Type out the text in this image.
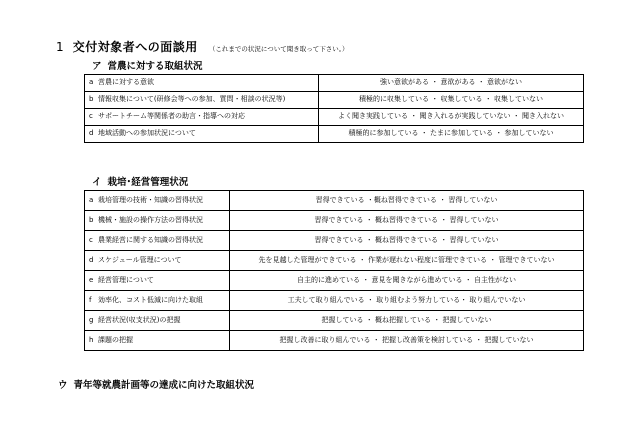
1 交付対象者への面談用 （これまでの状況について聞き取って下さい。）
ア 営農に対する取組状況
a 営農に対する意欲	強い意欲がある ・ 意欲がある ・ 意欲がない
b 情報収集について(研修会等への参加、質問・相談の状況等)	積極的に収集している ・ 収集している ・ 収集していない
c サポートチーム等関係者の助言・指導への対応	よく聞き実践している ・ 聞き入れるが実践していない ・ 聞き入れない
d 地域活動への参加状況について	積極的に参加している ・ たまに参加している ・ 参加していない
イ 栽培･経営管理状況
a 栽培管理の技術・知識の習得状況	習得できている ・概ね習得できている ・ 習得していない
b 機械・施設の操作方法の習得状況	習得できている ・ 概ね習得できている ・ 習得していない
c 農業経営に関する知識の習得状況	習得できている ・ 概ね習得できている ・ 習得していない
d スケジュール管理について	先を見越した管理ができている ・ 作業が遅れない程度に管理できている ・ 管理できていない
e 経営管理について	自主的に進めている ・ 意見を聞きながら進めている ・ 自主性がない
f 効率化、コスト低減に向けた取組	工夫して取り組んでいる ・ 取り組むよう努力している・ 取り組んでいない
g 経営状況(収支状況)の把握	把握している ・ 概ね把握している ・ 把握していない
h 課題の把握	把握し改善に取り組んでいる ・ 把握し改善策を検討している ・ 把握していない
ウ 青年等就農計画等の達成に向けた取組状況
